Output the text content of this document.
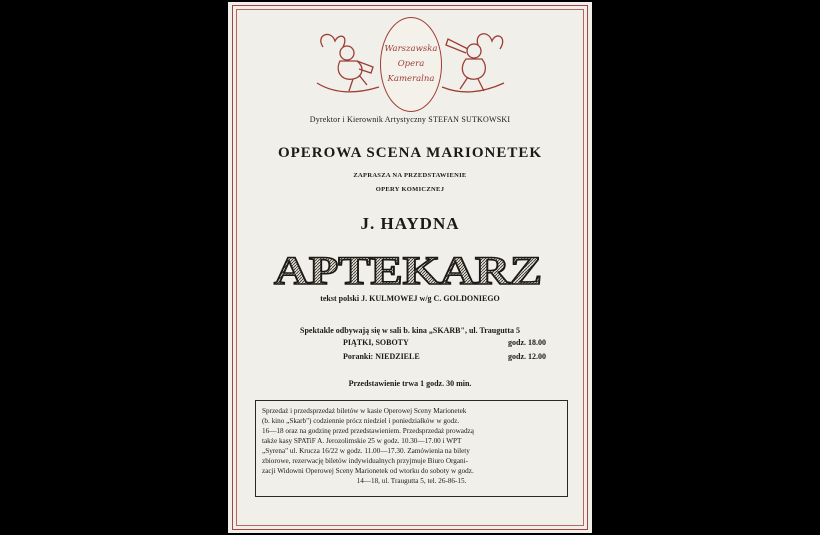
Warszawska
Opera
Kameralna
Dyrektor i Kierownik Artystyczny STEFAN SUTKOWSKI
OPEROWA SCENA MARIONETEK
ZAPRASZA NA PRZEDSTAWIENIE
OPERY KOMICZNEJ
J. HAYDNA
APTEKARZ
tekst polski J. KULMOWEJ w/g C. GOLDONIEGO
Spektakle odbywają się w sali b. kina „SKARB", ul. Traugutta 5
PIĄTKI, SOBOTY	godz. 18.00
Poranki: NIEDZIELE	godz. 12.00
Przedstawienie trwa 1 godz. 30 min.
Sprzedaż i przedsprzedaż biletów w kasie Operowej Sceny Marionetek
(b. kino „Skarb") codziennie prócz niedziel i poniedziałków w godz.
16—18 oraz na godzinę przed przedstawieniem. Przedsprzedaż prowadzą
także kasy SPATiF A. Jerozolimskie 25 w godz. 10.30—17.00 i WPT
„Syrena" ul. Krucza 16/22 w godz. 11.00—17.30. Zamówienia na bilety
zbiorowe, rezerwację biletów indywidualnych przyjmuje Biuro Organi-
zacji Widowni Operowej Sceny Marionetek od wtorku do soboty w godz.
14—18, ul. Traugutta 5, tel. 26-86-15.
